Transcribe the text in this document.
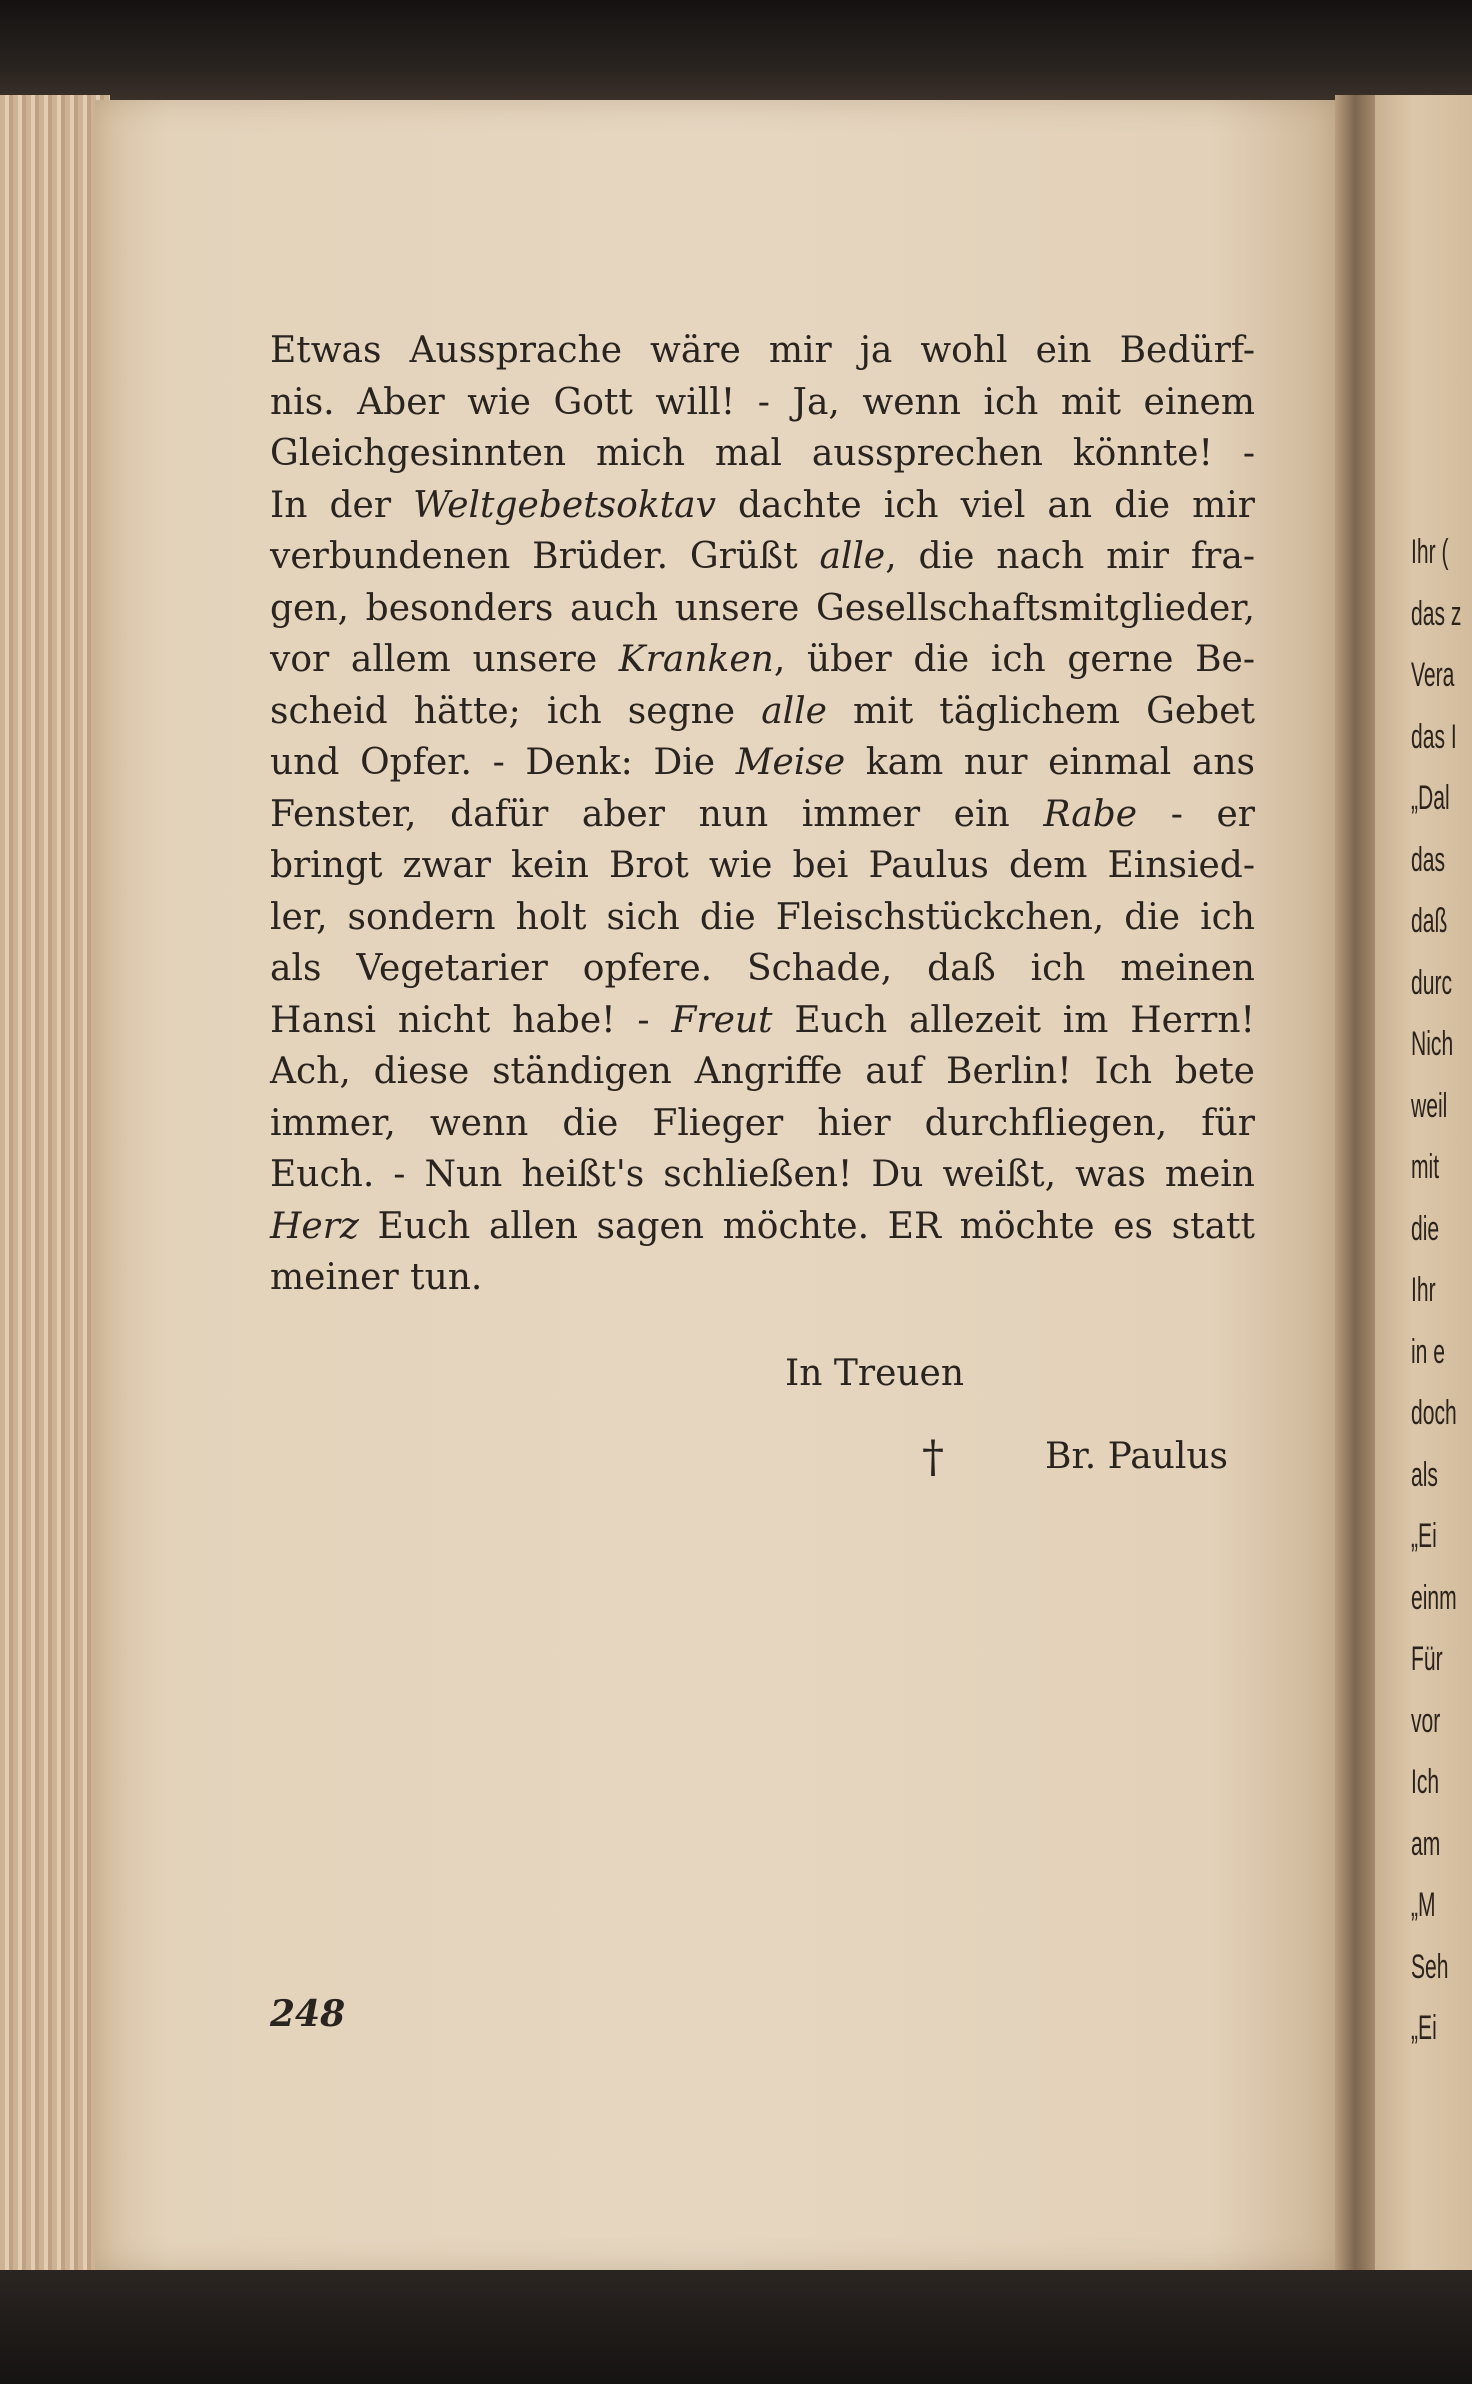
Ihr (
das z
Vera
das I
„Dal
das
daß
durc
Nich
weil
mit
die
Ihr
in e
doch
als
„Ei
einm
Für
vor
Ich
am
„M
Seh
„Ei
Etwas Aussprache wäre mir ja wohl ein Bedürf-
nis. Aber wie Gott will! - Ja, wenn ich mit einem
Gleichgesinnten mich mal aussprechen könnte! -
In der Weltgebetsoktav dachte ich viel an die mir
verbundenen Brüder. Grüßt alle, die nach mir fra-
gen, besonders auch unsere Gesellschaftsmitglieder,
vor allem unsere Kranken, über die ich gerne Be-
scheid hätte; ich segne alle mit täglichem Gebet
und Opfer. - Denk: Die Meise kam nur einmal ans
Fenster, dafür aber nun immer ein Rabe - er
bringt zwar kein Brot wie bei Paulus dem Einsied-
ler, sondern holt sich die Fleischstückchen, die ich
als Vegetarier opfere. Schade, daß ich meinen
Hansi nicht habe! - Freut Euch allezeit im Herrn!
Ach, diese ständigen Angriffe auf Berlin! Ich bete
immer, wenn die Flieger hier durchfliegen, für
Euch. - Nun heißt's schließen! Du weißt, was mein
Herz Euch allen sagen möchte. ER möchte es statt
meiner tun.
In Treuen
†	Br. Paulus
248
